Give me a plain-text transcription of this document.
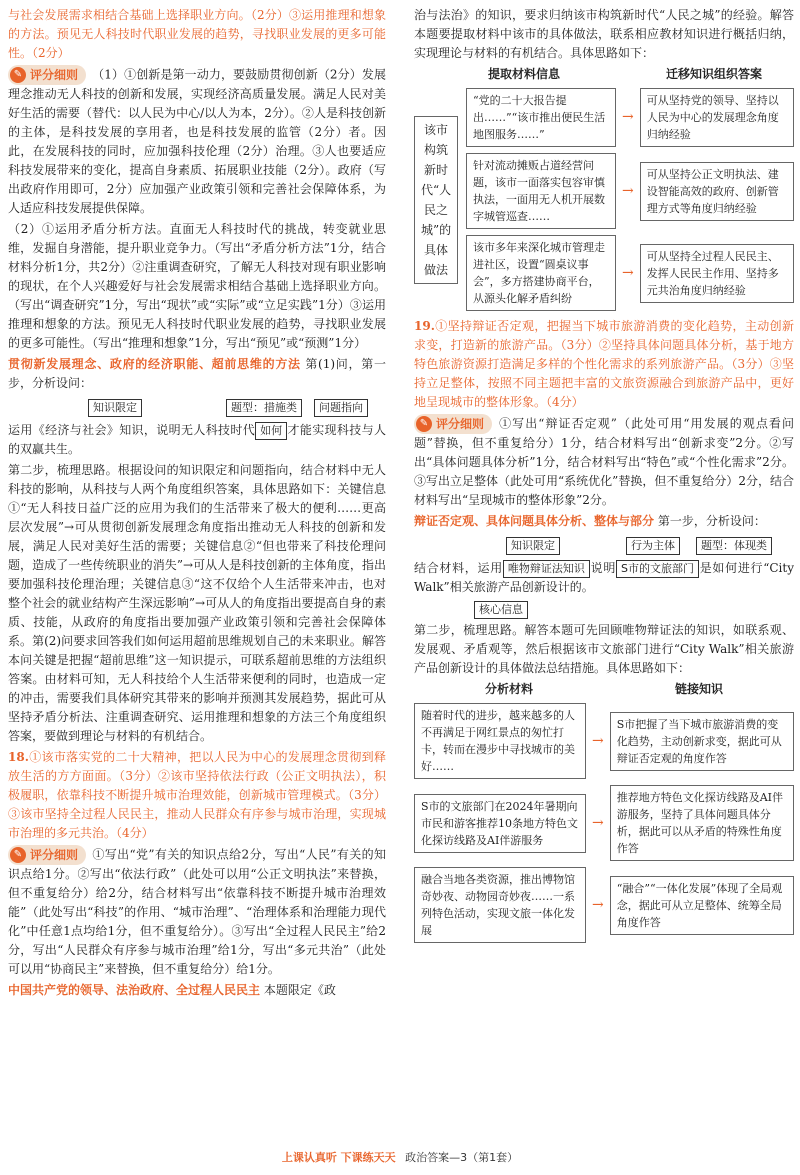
与社会发展需求相结合基础上选择职业方向。（2分）③运用推理和想象的方法。预见无人科技时代职业发展的趋势，寻找职业发展的更多可能性。（2分）

✎ 评分细则 （1）①创新是第一动力，要鼓励贯彻创新（2分）发展理念推动无人科技的创新和发展，实现经济高质量发展。满足人民对美好生活的需要（替代：以人民为中心/以人为本，2分）。②人是科技创新的主体，是科技发展的享用者，也是科技发展的监管（2分）者。因此，在发展科技的同时，应加强科技伦理（2分）治理。③人也要适应科技发展带来的变化，提高自身素质、拓展职业技能（2分）。政府（写出政府作用即可，2分）应加强产业政策引领和完善社会保障体系，为人适应科技发展提供保障。

（2）①运用矛盾分析方法。直面无人科技时代的挑战，转变就业思维，发掘自身潜能，提升职业竞争力。（写出“矛盾分析方法”1分，结合材料分析1分，共2分）②注重调查研究，了解无人科技对现有职业影响的现状，在个人兴趣爱好与社会发展需求相结合基础上选择职业方向。（写出“调查研究”1分，写出“现状”或“实际”或“立足实践”1分）③运用推理和想象的方法。预见无人科技时代职业发展的趋势，寻找职业发展的更多可能性。（写出“推理和想象”1分，写出“预见”或“预测”1分）

贯彻新发展理念、政府的经济职能、超前思维的方法 第(1)问，第一步，分析设问：

知识限定	题型：措施类	问题指向

运用《经济与社会》知识，说明无人科技时代 如何 才能实现科技与人的双赢共生。

第二步，梳理思路。根据设问的知识限定和问题指向，结合材料中无人科技的影响，从科技与人两个角度组织答案，具体思路如下：关键信息①“无人科技日益广泛的应用为我们的生活带来了极大的便利……更高层次发展”→可从贯彻创新发展理念角度指出推动无人科技的创新和发展，满足人民对美好生活的需要；关键信息②“但也带来了科技伦理问题，造成了一些传统职业的消失”→可从人是科技创新的主体角度，指出要加强科技伦理治理；关键信息③“这不仅给个人生活带来冲击，也对整个社会的就业结构产生深远影响”→可从人的角度指出要提高自身的素质、技能，从政府的角度指出要加强产业政策引领和完善社会保障体系。第(2)问要求回答我们如何运用超前思维规划自己的未来职业。解答本问关键是把握“超前思维”这一知识提示，可联系超前思维的方法组织答案。由材料可知，无人科技给个人生活带来便利的同时，也造成一定的冲击，需要我们具体研究其带来的影响并预测其发展趋势，据此可从坚持矛盾分析法、注重调查研究、运用推理和想象的方法三个角度组织答案，要做到理论与材料的有机结合。

18.①该市落实党的二十大精神，把以人民为中心的发展理念贯彻到释放生活的方方面面。（3分）②该市坚持依法行政（公正文明执法），积极履职，依靠科技不断提升城市治理效能，创新城市管理模式。（3分）③该市坚持全过程人民民主，推动人民群众有序参与城市治理，实现城市治理的多元共治。（4分）

✎ 评分细则 ①写出“党”有关的知识点给2分，写出“人民”有关的知识点给1分。②写出“依法行政”（此处可以用“公正文明执法”来替换，但不重复给分）给2分，结合材料写出“依靠科技不断提升城市治理效能”（此处写出“科技”的作用、“城市治理”、“治理体系和治理能力现代化”中任意1点均给1分，但不重复给分）。③写出“全过程人民民主”给2分，写出“人民群众有序参与城市治理”给1分，写出“多元共治”（此处可以用“协商民主”来替换，但不重复给分）给1分。

中国共产党的领导、法治政府、全过程人民民主 本题限定《政

治与法治》的知识，要求归纳该市构筑新时代“人民之城”的经验。解答本题要提取材料中该市的具体做法，联系相应教材知识进行概括归纳，实现理论与材料的有机结合。具体思路如下：

提取材料信息	迁移知识组织答案
该市构筑新时代“人民之城”的具体做法
“党的二十大报告提出……”“该市推出便民生活地图服务……”
→
可从坚持党的领导、坚持以人民为中心的发展理念角度归纳经验
针对流动摊贩占道经营问题，该市一面落实包容审慎执法，一面用无人机开展数字城管巡查……
→
可从坚持公正文明执法、建设智能高效的政府、创新管理方式等角度归纳经验
该市多年来深化城市管理走进社区，设置“圆桌议事会”，多方搭建协商平台，从源头化解矛盾纠纷
→
可从坚持全过程人民民主、发挥人民民主作用、坚持多元共治角度归纳经验

19.①坚持辩证否定观，把握当下城市旅游消费的变化趋势，主动创新求变，打造新的旅游产品。（3分）②坚持具体问题具体分析，基于地方特色旅游资源打造满足多样的个性化需求的系列旅游产品。（3分）③坚持立足整体，按照不同主题把丰富的文旅资源融合到旅游产品中，更好地呈现城市的整体形象。（4分）

✎ 评分细则 ①写出“辩证否定观”（此处可用“用发展的观点看问题”替换，但不重复给分）1分，结合材料写出“创新求变”2分。②写出“具体问题具体分析”1分，结合材料写出“特色”或“个性化需求”2分。③写出立足整体（此处可用“系统优化”替换，但不重复给分）2分，结合材料写出“呈现城市的整体形象”2分。

辩证否定观、具体问题具体分析、整体与部分 第一步，分析设问：

知识限定	行为主体	题型：体现类

结合材料，运用 唯物辩证法知识 说明 S市的文旅部门 是如何进行“City Walk”相关旅游产品创新设计的。

核心信息

第二步，梳理思路。解答本题可先回顾唯物辩证法的知识，如联系观、发展观、矛盾观等，然后根据该市文旅部门进行“City Walk”相关旅游产品创新设计的具体做法总结措施。具体思路如下：

分析材料	链接知识
随着时代的进步，越来越多的人不再满足于网红景点的匆忙打卡，转而在漫步中寻找城市的美好……
→
S市把握了当下城市旅游消费的变化趋势，主动创新求变，据此可从辩证否定观的角度作答
S市的文旅部门在2024年暑期向市民和游客推荐10条地方特色文化探访线路及AI伴游服务
→
推荐地方特色文化探访线路及AI伴游服务，坚持了具体问题具体分析，据此可以从矛盾的特殊性角度作答
融合当地各类资源，推出博物馆奇妙夜、动物园奇妙夜……一系列特色活动，实现文旅一体化发展
→
“融合”“一体化发展”体现了全局观念，据此可从立足整体、统筹全局角度作答
上课认真听 下课练天天 政治答案—3（第1套）
